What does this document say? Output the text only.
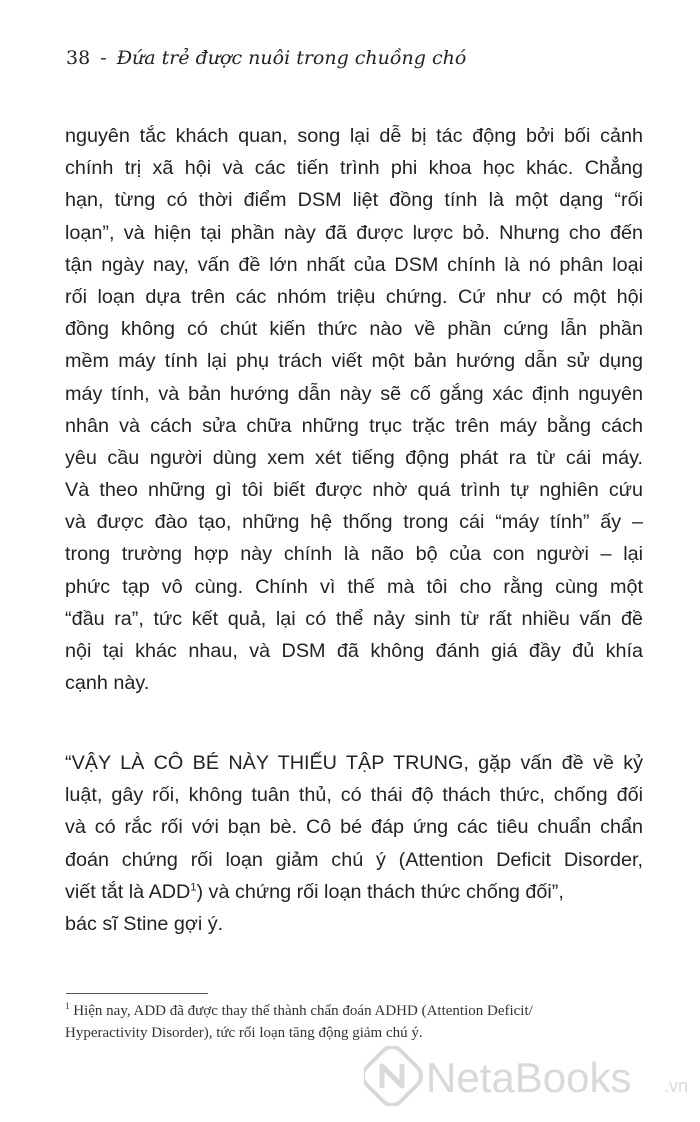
38 - Đứa trẻ được nuôi trong chuồng chó
nguyên tắc khách quan, song lại dễ bị tác động bởi bối cảnh
chính trị xã hội và các tiến trình phi khoa học khác. Chẳng
hạn, từng có thời điểm DSM liệt đồng tính là một dạng “rối
loạn”, và hiện tại phần này đã được lược bỏ. Nhưng cho đến
tận ngày nay, vấn đề lớn nhất của DSM chính là nó phân loại
rối loạn dựa trên các nhóm triệu chứng. Cứ như có một hội
đồng không có chút kiến thức nào về phần cứng lẫn phần
mềm máy tính lại phụ trách viết một bản hướng dẫn sử dụng
máy tính, và bản hướng dẫn này sẽ cố gắng xác định nguyên
nhân và cách sửa chữa những trục trặc trên máy bằng cách
yêu cầu người dùng xem xét tiếng động phát ra từ cái máy.
Và theo những gì tôi biết được nhờ quá trình tự nghiên cứu
và được đào tạo, những hệ thống trong cái “máy tính” ấy –
trong trường hợp này chính là não bộ của con người – lại
phức tạp vô cùng. Chính vì thế mà tôi cho rằng cùng một
“đầu ra”, tức kết quả, lại có thể nảy sinh từ rất nhiều vấn đề
nội tại khác nhau, và DSM đã không đánh giá đầy đủ khía
cạnh này.
“VẬY LÀ CÔ BÉ NÀY THIẾU TẬP TRUNG, gặp vấn đề về kỷ
luật, gây rối, không tuân thủ, có thái độ thách thức, chống đối
và có rắc rối với bạn bè. Cô bé đáp ứng các tiêu chuẩn chẩn
đoán chứng rối loạn giảm chú ý (Attention Deficit Disorder,
viết tắt là ADD$^1$) và chứng rối loạn thách thức chống đối”,
bác sĩ Stine gợi ý.
$^1$ Hiện nay, ADD đã được thay thế thành chẩn đoán ADHD (Attention Deficit/
Hyperactivity Disorder), tức rối loạn tăng động giảm chú ý.
NetaBooks .vn
